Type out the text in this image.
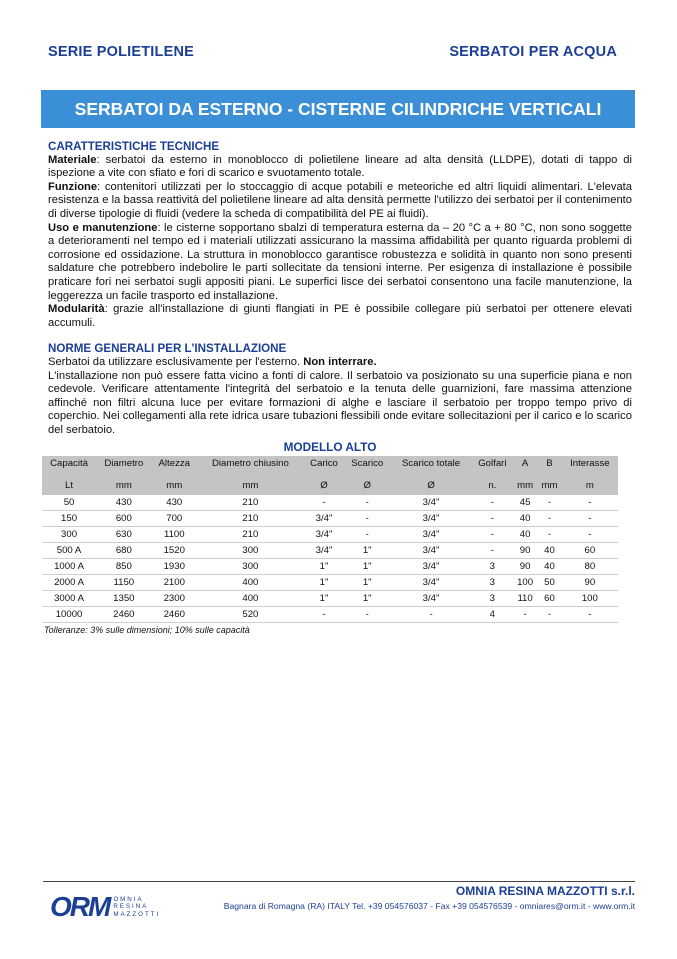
SERIE POLIETILENE	SERBATOI PER ACQUA
SERBATOI DA ESTERNO - CISTERNE CILINDRICHE VERTICALI

CARATTERISTICHE TECNICHE

Materiale: serbatoi da esterno in monoblocco di polietilene lineare ad alta densità (LLDPE), dotati di tappo di ispezione a vite con sfiato e fori di scarico e svuotamento totale.

Funzione: contenitori utilizzati per lo stoccaggio di acque potabili e meteoriche ed altri liquidi alimentari. L'elevata resistenza e la bassa reattività del polietilene lineare ad alta densità permette l'utilizzo dei serbatoi per il contenimento di diverse tipologie di fluidi (vedere la scheda di compatibilità del PE ai fluidi).

Uso e manutenzione: le cisterne sopportano sbalzi di temperatura esterna da – 20 °C a + 80 °C, non sono soggette a deterioramenti nel tempo ed i materiali utilizzati assicurano la massima affidabilità per quanto riguarda problemi di corrosione ed ossidazione. La struttura in monoblocco garantisce robustezza e solidità in quanto non sono presenti saldature che potrebbero indebolire le parti sollecitate da tensioni interne. Per esigenza di installazione è possibile praticare fori nei serbatoi sugli appositi piani. Le superfici lisce dei serbatoi consentono una facile manutenzione, la leggerezza un facile trasporto ed installazione.

Modularità: grazie all'installazione di giunti flangiati in PE è possibile collegare più serbatoi per ottenere elevati accumuli.

NORME GENERALI PER L'INSTALLAZIONE

Serbatoi da utilizzare esclusivamente per l'esterno. Non interrare.

L'installazione non può essere fatta vicino a fonti di calore. Il serbatoio va posizionato su una superficie piana e non cedevole. Verificare attentamente l'integrità del serbatoio e la tenuta delle guarnizioni, fare massima attenzione affinché non filtri alcuna luce per evitare formazioni di alghe e lasciare il serbatoio per troppo tempo privo di coperchio. Nei collegamenti alla rete idrica usare tubazioni flessibili onde evitare sollecitazioni per il carico e lo scarico del serbatoio.

MODELLO ALTO

Capacità	Diametro	Altezza	Diametro chiusino	Carico	Scarico	Scarico totale	Golfari	A	B	Interasse
Lt	mm	mm	mm	Ø	Ø	Ø	n.	mm	mm	m
50	430	430	210	-	-	3/4"	-	45	-	-
150	600	700	210	3/4"	-	3/4"	-	40	-	-
300	630	1100	210	3/4"	-	3/4"	-	40	-	-
500 A	680	1520	300	3/4"	1"	3/4"	-	90	40	60
1000 A	850	1930	300	1"	1"	3/4"	3	90	40	80
2000 A	1150	2100	400	1"	1"	3/4"	3	100	50	90
3000 A	1350	2300	400	1"	1"	3/4"	3	110	60	100
10000	2460	2460	520	-	-	-	4	-	-	-

Tolleranze: 3% sulle dimensioni; 10% sulle capacità

ORM OMNIA
RESINA
MAZZOTTI
OMNIA RESINA MAZZOTTI s.r.l.
Bagnara di Romagna (RA) ITALY Tel. +39 054576037 - Fax +39 054576539 - omniares@orm.it - www.orm.it
